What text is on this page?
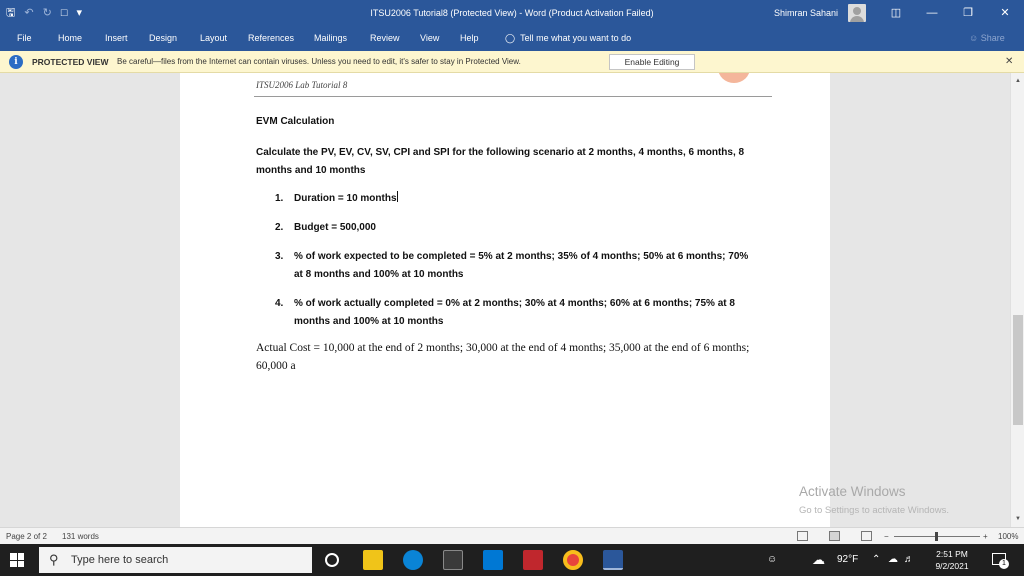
🖫 ↶ ↻ □ ▾	ITSU2006 Tutorial8 (Protected View) - Word (Product Activation Failed)	Shimran Sahani	◫	—	❐	✕
File	Home	Insert Design	Layout References Mailings	Review View Help	◯ Tell me what you want to do	☺ Share
i	PROTECTED VIEW Be careful—files from the Internet can contain viruses. Unless you need to edit, it's safer to stay in Protected View.	Enable Editing	✕
ITSU2006 Lab Tutorial 8
EVM Calculation
Calculate the PV, EV, CV, SV, CPI and SPI for the following scenario at 2 months, 4 months, 6 months, 8 months and 10 months
1. Duration = 10 months
2. Budget = 500,000
3. % of work expected to be completed = 5% at 2 months; 35% of 4 months; 50% at 6 months; 70% at 8 months and 100% at 10 months
4. % of work actually completed = 0% at 2 months; 30% at 4 months; 60% at 6 months; 75% at 8 months and 100% at 10 months
Actual Cost = 10,000 at the end of 2 months; 30,000 at the end of 4 months; 35,000 at the end of 6 months; 60,000 a
Activate Windows
Go to Settings to activate Windows.
▲
▼
Page 2 of 2 131 words	−	+ 100%
⚲ Type here to search	☺	☁ 92°F ⌃ ☁ ♬	2:51 PM
9/2/2021
1
